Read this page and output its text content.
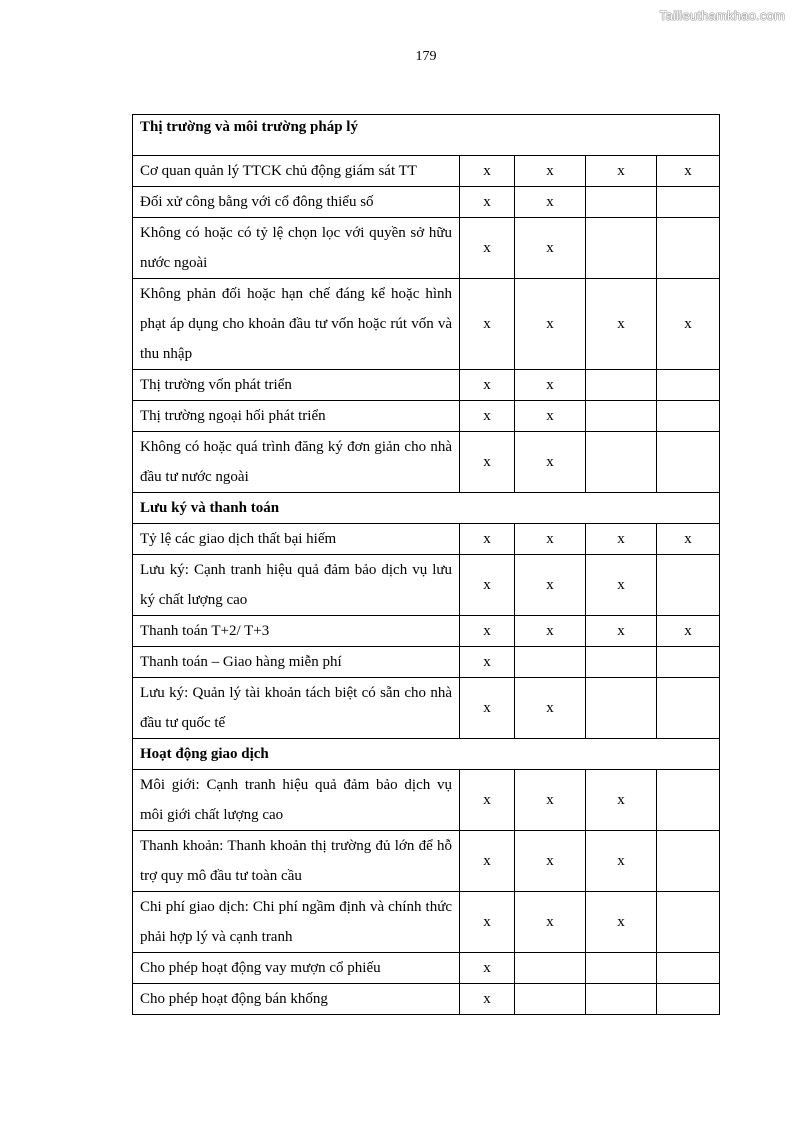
Tailieuthamkhao.com
179
Thị trường và môi trường pháp lý				
Cơ quan quản lý TTCK chủ động giám sát TT	x	x	x	x
Đối xử công bằng với cổ đông thiểu số	x	x		
Không có hoặc có tỷ lệ chọn lọc với quyền sở hữu nước ngoài	x	x		
Không phản đối hoặc hạn chế đáng kể hoặc hình phạt áp dụng cho khoản đầu tư vốn hoặc rút vốn và thu nhập	x	x	x	x
Thị trường vốn phát triển	x	x		
Thị trường ngoại hối phát triển	x	x		
Không có hoặc quá trình đăng ký đơn giản cho nhà đầu tư nước ngoài	x	x		
Lưu ký và thanh toán				
Tỷ lệ các giao dịch thất bại hiếm	x	x	x	x
Lưu ký: Cạnh tranh hiệu quả đảm bảo dịch vụ lưu ký chất lượng cao	x	x	x	
Thanh toán T+2/ T+3	x	x	x	x
Thanh toán – Giao hàng miễn phí	x			
Lưu ký: Quản lý tài khoản tách biệt có sẵn cho nhà đầu tư quốc tế	x	x		
Hoạt động giao dịch				
Môi giới: Cạnh tranh hiệu quả đảm bảo dịch vụ môi giới chất lượng cao	x	x	x	
Thanh khoản: Thanh khoản thị trường đủ lớn để hỗ trợ quy mô đầu tư toàn cầu	x	x	x	
Chi phí giao dịch: Chi phí ngầm định và chính thức phải hợp lý và cạnh tranh	x	x	x	
Cho phép hoạt động vay mượn cổ phiếu	x			
Cho phép hoạt động bán khống	x			
